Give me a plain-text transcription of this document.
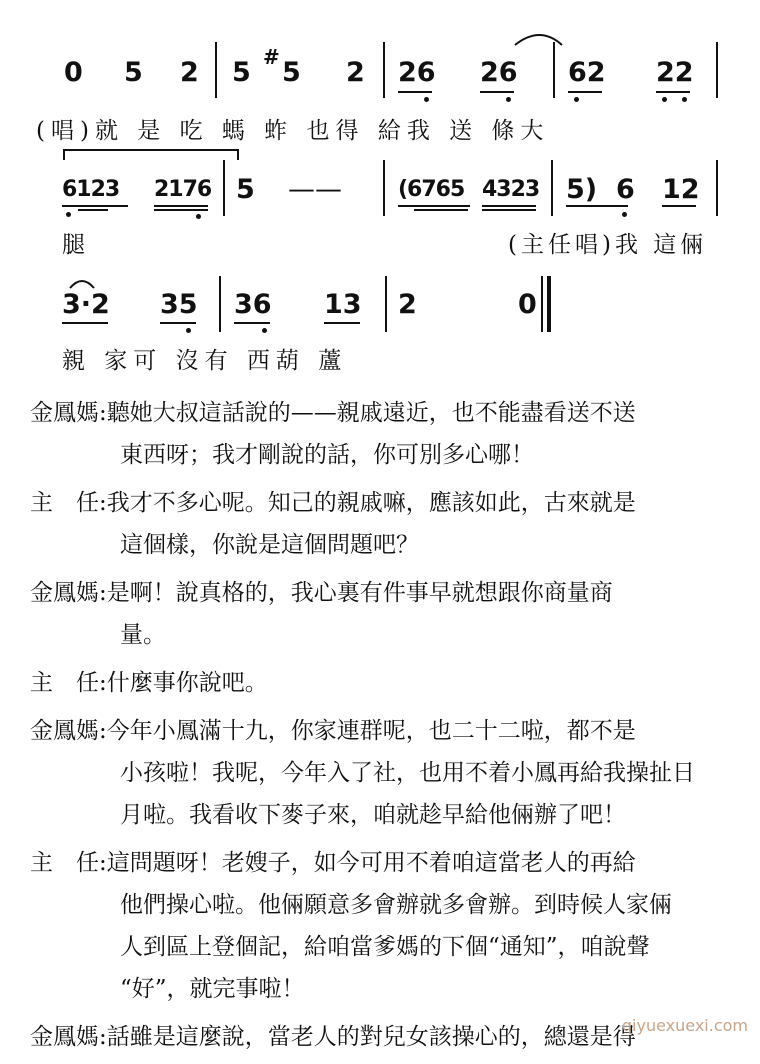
0 5 2 5 # 5 2 26 26 62 22
(唱)就 是 吃 螞 蚱 也得 給我 送 條大
6123 2176 5 ——	(6765 4323 5) 6 12
腿	(主任唱)我 這倆
3·2 35 36 13 2	0
親 家可 沒有 西葫 蘆
金鳳媽:聽她大叔這話說的——親戚遠近，也不能盡看送不送
東西呀；我才剛說的話，你可別多心哪！
主　任:我才不多心呢。知己的親戚嘛，應該如此，古來就是
這個樣，你說是這個問題吧？
金鳳媽:是啊！說真格的，我心裏有件事早就想跟你商量商
量。
主　任:什麼事你說吧。
金鳳媽:今年小鳳滿十九，你家連群呢，也二十二啦，都不是
小孩啦！我呢，今年入了社，也用不着小鳳再給我操扯日
月啦。我看收下麥子來，咱就趁早給他倆辦了吧！
主　任:這問題呀！老嫂子，如今可用不着咱這當老人的再給
他們操心啦。他倆願意多會辦就多會辦。到時候人家倆
人到區上登個記，給咱當爹媽的下個“通知”，咱說聲
“好”，就完事啦！
金鳳媽:話雖是這麼說，當老人的對兒女該操心的，總還是得
qiyuexuexi.com
